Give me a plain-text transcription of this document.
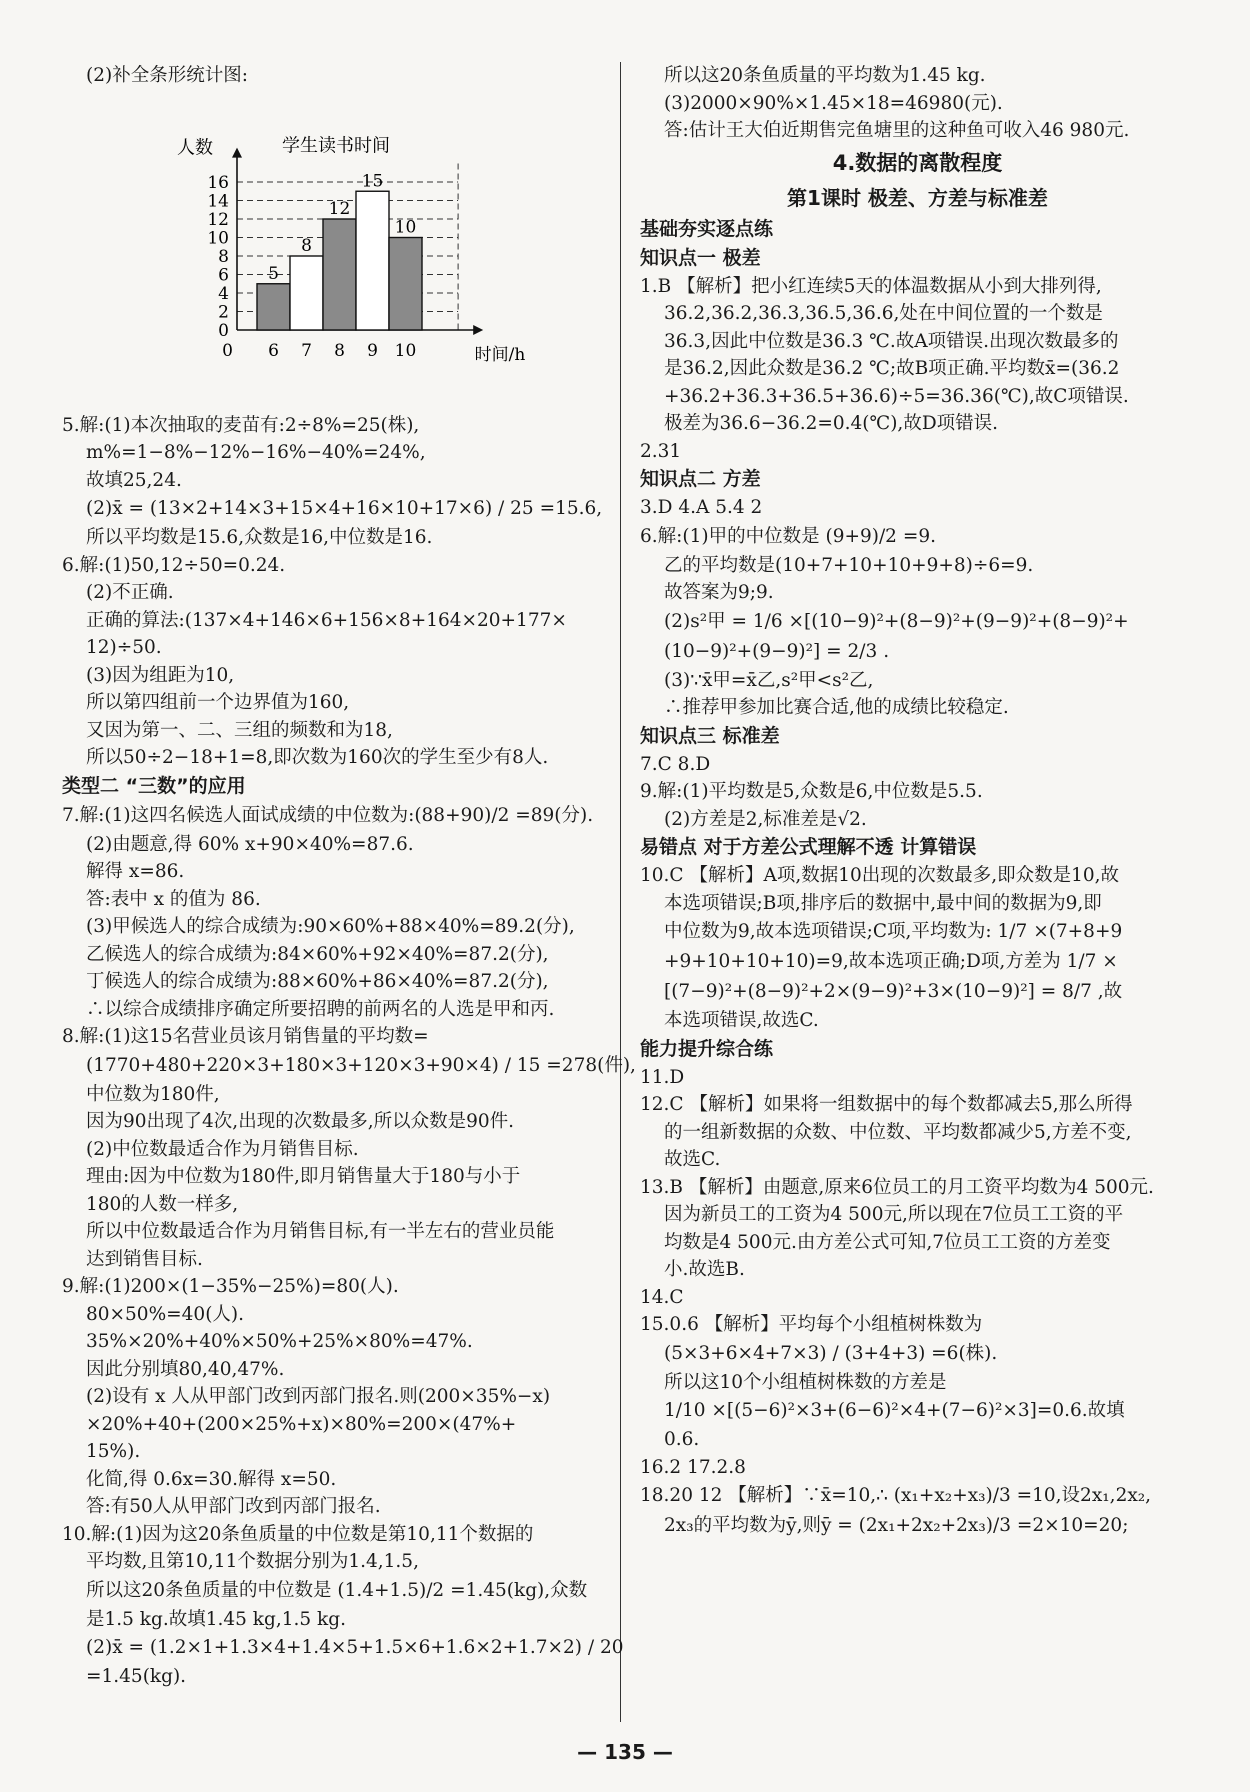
(2)补全条形统计图:
0
2
4
6
8
10
12
14
16
5
6
8
7
12
8
15
9
10
10
0	时间/h
人数	学生读书时间
5.解:(1)本次抽取的麦苗有:2÷8%=25(株),
m%=1−8%−12%−16%−40%=24%,
故填25,24.
(2)x̄ = (13×2+14×3+15×4+16×10+17×6) / 25 =15.6,
所以平均数是15.6,众数是16,中位数是16.
6.解:(1)50,12÷50=0.24.
(2)不正确.
正确的算法:(137×4+146×6+156×8+164×20+177×
12)÷50.
(3)因为组距为10,
所以第四组前一个边界值为160,
又因为第一、二、三组的频数和为18,
所以50÷2−18+1=8,即次数为160次的学生至少有8人.
类型二 “三数”的应用
7.解:(1)这四名候选人面试成绩的中位数为:(88+90)/2 =89(分).
(2)由题意,得 60% x+90×40%=87.6.
解得 x=86.
答:表中 x 的值为 86.
(3)甲候选人的综合成绩为:90×60%+88×40%=89.2(分),
乙候选人的综合成绩为:84×60%+92×40%=87.2(分),
丁候选人的综合成绩为:88×60%+86×40%=87.2(分),
∴以综合成绩排序确定所要招聘的前两名的人选是甲和丙.
8.解:(1)这15名营业员该月销售量的平均数=
(1770+480+220×3+180×3+120×3+90×4) / 15 =278(件),
中位数为180件,
因为90出现了4次,出现的次数最多,所以众数是90件.
(2)中位数最适合作为月销售目标.
理由:因为中位数为180件,即月销售量大于180与小于
180的人数一样多,
所以中位数最适合作为月销售目标,有一半左右的营业员能
达到销售目标.
9.解:(1)200×(1−35%−25%)=80(人).
80×50%=40(人).
35%×20%+40%×50%+25%×80%=47%.
因此分别填80,40,47%.
(2)设有 x 人从甲部门改到丙部门报名.则(200×35%−x)
×20%+40+(200×25%+x)×80%=200×(47%+
15%).
化简,得 0.6x=30.解得 x=50.
答:有50人从甲部门改到丙部门报名.
10.解:(1)因为这20条鱼质量的中位数是第10,11个数据的
平均数,且第10,11个数据分别为1.4,1.5,
所以这20条鱼质量的中位数是 (1.4+1.5)/2 =1.45(kg),众数
是1.5 kg.故填1.45 kg,1.5 kg.
(2)x̄ = (1.2×1+1.3×4+1.4×5+1.5×6+1.6×2+1.7×2) / 20
=1.45(kg).
所以这20条鱼质量的平均数为1.45 kg.
(3)2000×90%×1.45×18=46980(元).
答:估计王大伯近期售完鱼塘里的这种鱼可收入46 980元.
4.数据的离散程度
第1课时 极差、方差与标准差
基础夯实逐点练
知识点一 极差
1.B 【解析】把小红连续5天的体温数据从小到大排列得,
36.2,36.2,36.3,36.5,36.6,处在中间位置的一个数是
36.3,因此中位数是36.3 ℃.故A项错误.出现次数最多的
是36.2,因此众数是36.2 ℃;故B项正确.平均数x̄=(36.2
+36.2+36.3+36.5+36.6)÷5=36.36(℃),故C项错误.
极差为36.6−36.2=0.4(℃),故D项错误.
2.31
知识点二 方差
3.D 4.A 5.4 2
6.解:(1)甲的中位数是 (9+9)/2 =9.
乙的平均数是(10+7+10+10+9+8)÷6=9.
故答案为9;9.
(2)s²甲 = 1/6 ×[(10−9)²+(8−9)²+(9−9)²+(8−9)²+
(10−9)²+(9−9)²] = 2/3 .
(3)∵x̄甲=x̄乙,s²甲<s²乙,
∴推荐甲参加比赛合适,他的成绩比较稳定.
知识点三 标准差
7.C 8.D
9.解:(1)平均数是5,众数是6,中位数是5.5.
(2)方差是2,标准差是√2.
易错点 对于方差公式理解不透 计算错误
10.C 【解析】A项,数据10出现的次数最多,即众数是10,故
本选项错误;B项,排序后的数据中,最中间的数据为9,即
中位数为9,故本选项错误;C项,平均数为: 1/7 ×(7+8+9
+9+10+10+10)=9,故本选项正确;D项,方差为 1/7 ×
[(7−9)²+(8−9)²+2×(9−9)²+3×(10−9)²] = 8/7 ,故
本选项错误,故选C.
能力提升综合练
11.D
12.C 【解析】如果将一组数据中的每个数都减去5,那么所得
的一组新数据的众数、中位数、平均数都减少5,方差不变,
故选C.
13.B 【解析】由题意,原来6位员工的月工资平均数为4 500元.
因为新员工的工资为4 500元,所以现在7位员工工资的平
均数是4 500元.由方差公式可知,7位员工工资的方差变
小.故选B.
14.C
15.0.6 【解析】平均每个小组植树株数为
(5×3+6×4+7×3) / (3+4+3) =6(株).
所以这10个小组植树株数的方差是
1/10 ×[(5−6)²×3+(6−6)²×4+(7−6)²×3]=0.6.故填
0.6.
16.2 17.2.8
18.20 12 【解析】∵x̄=10,∴ (x₁+x₂+x₃)/3 =10,设2x₁,2x₂,
2x₃的平均数为ȳ,则ȳ = (2x₁+2x₂+2x₃)/3 =2×10=20;
— 135 —
